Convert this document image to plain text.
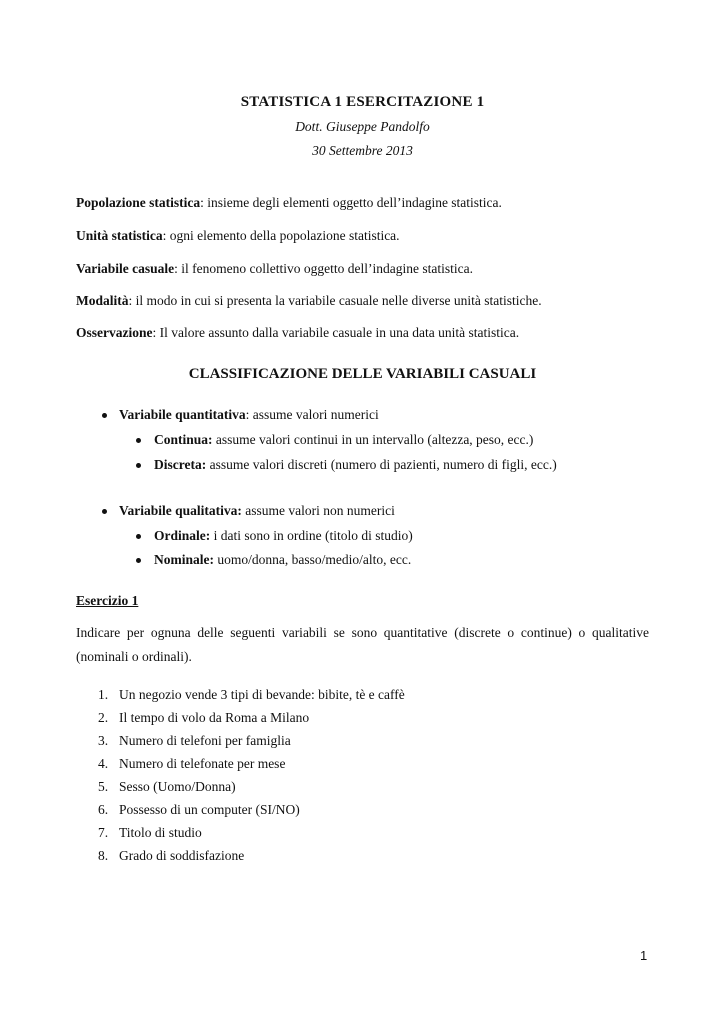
STATISTICA 1 ESERCITAZIONE 1
Dott. Giuseppe Pandolfo
30 Settembre 2013
Popolazione statistica: insieme degli elementi oggetto dell’indagine statistica.
Unità statistica: ogni elemento della popolazione statistica.
Variabile casuale: il fenomeno collettivo oggetto dell’indagine statistica.
Modalità: il modo in cui si presenta la variabile casuale nelle diverse unità statistiche.
Osservazione: Il valore assunto dalla variabile casuale in una data unità statistica.
CLASSIFICAZIONE DELLE VARIABILI CASUALI
Variabile quantitativa: assume valori numerici
Continua: assume valori continui in un intervallo (altezza, peso, ecc.)
Discreta: assume valori discreti (numero di pazienti, numero di figli, ecc.)
Variabile qualitativa: assume valori non numerici
Ordinale: i dati sono in ordine (titolo di studio)
Nominale: uomo/donna, basso/medio/alto, ecc.
Esercizio 1
Indicare per ognuna delle seguenti variabili se sono quantitative (discrete o continue) o qualitative (nominali o ordinali).
1. Un negozio vende 3 tipi di bevande: bibite, tè e caffè
2. Il tempo di volo da Roma a Milano
3. Numero di telefoni per famiglia
4. Numero di telefonate per mese
5. Sesso (Uomo/Donna)
6. Possesso di un computer (SI/NO)
7. Titolo di studio
8. Grado di soddisfazione
1
